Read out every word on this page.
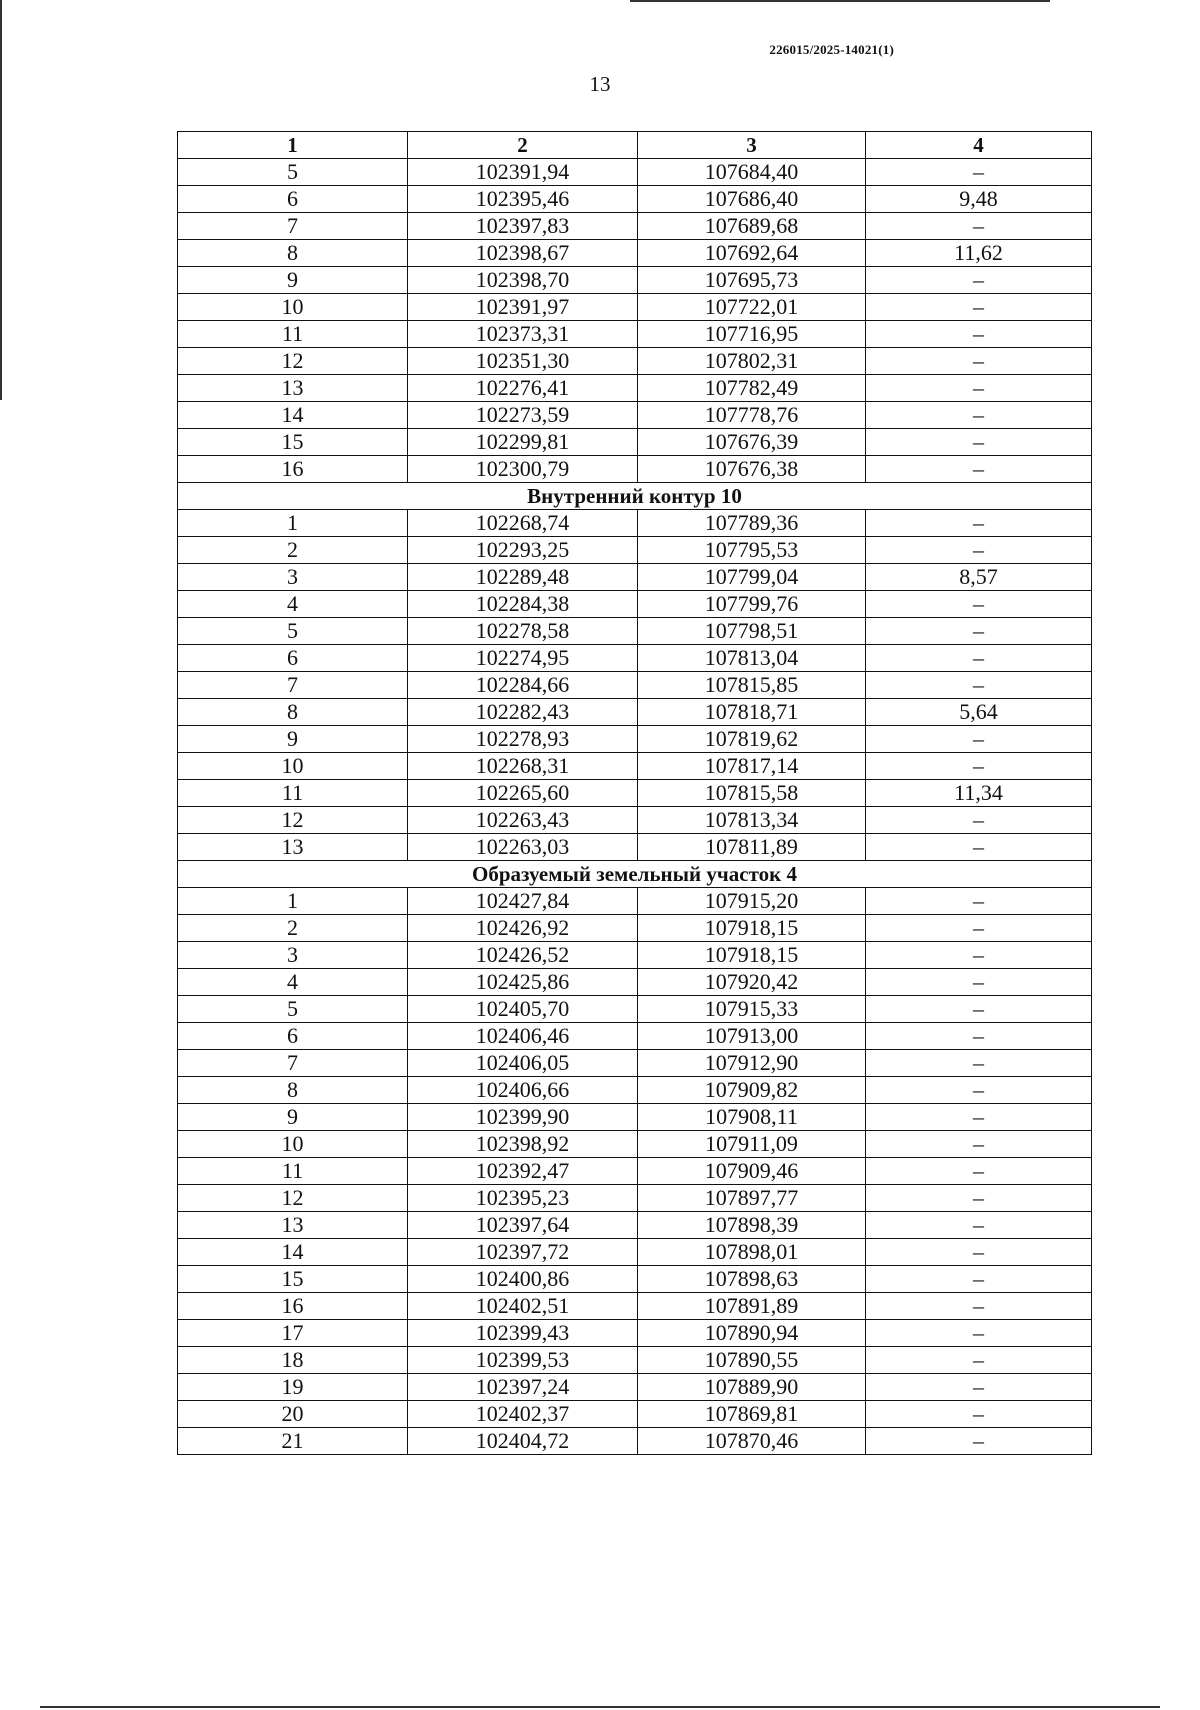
226015/2025-14021(1)
13
1	2	3	4
5	102391,94	107684,40	–
6	102395,46	107686,40	9,48
7	102397,83	107689,68	–
8	102398,67	107692,64	11,62
9	102398,70	107695,73	–
10	102391,97	107722,01	–
11	102373,31	107716,95	–
12	102351,30	107802,31	–
13	102276,41	107782,49	–
14	102273,59	107778,76	–
15	102299,81	107676,39	–
16	102300,79	107676,38	–
Внутренний контур 10			
1	102268,74	107789,36	–
2	102293,25	107795,53	–
3	102289,48	107799,04	8,57
4	102284,38	107799,76	–
5	102278,58	107798,51	–
6	102274,95	107813,04	–
7	102284,66	107815,85	–
8	102282,43	107818,71	5,64
9	102278,93	107819,62	–
10	102268,31	107817,14	–
11	102265,60	107815,58	11,34
12	102263,43	107813,34	–
13	102263,03	107811,89	–
Образуемый земельный участок 4			
1	102427,84	107915,20	–
2	102426,92	107918,15	–
3	102426,52	107918,15	–
4	102425,86	107920,42	–
5	102405,70	107915,33	–
6	102406,46	107913,00	–
7	102406,05	107912,90	–
8	102406,66	107909,82	–
9	102399,90	107908,11	–
10	102398,92	107911,09	–
11	102392,47	107909,46	–
12	102395,23	107897,77	–
13	102397,64	107898,39	–
14	102397,72	107898,01	–
15	102400,86	107898,63	–
16	102402,51	107891,89	–
17	102399,43	107890,94	–
18	102399,53	107890,55	–
19	102397,24	107889,90	–
20	102402,37	107869,81	–
21	102404,72	107870,46	–
